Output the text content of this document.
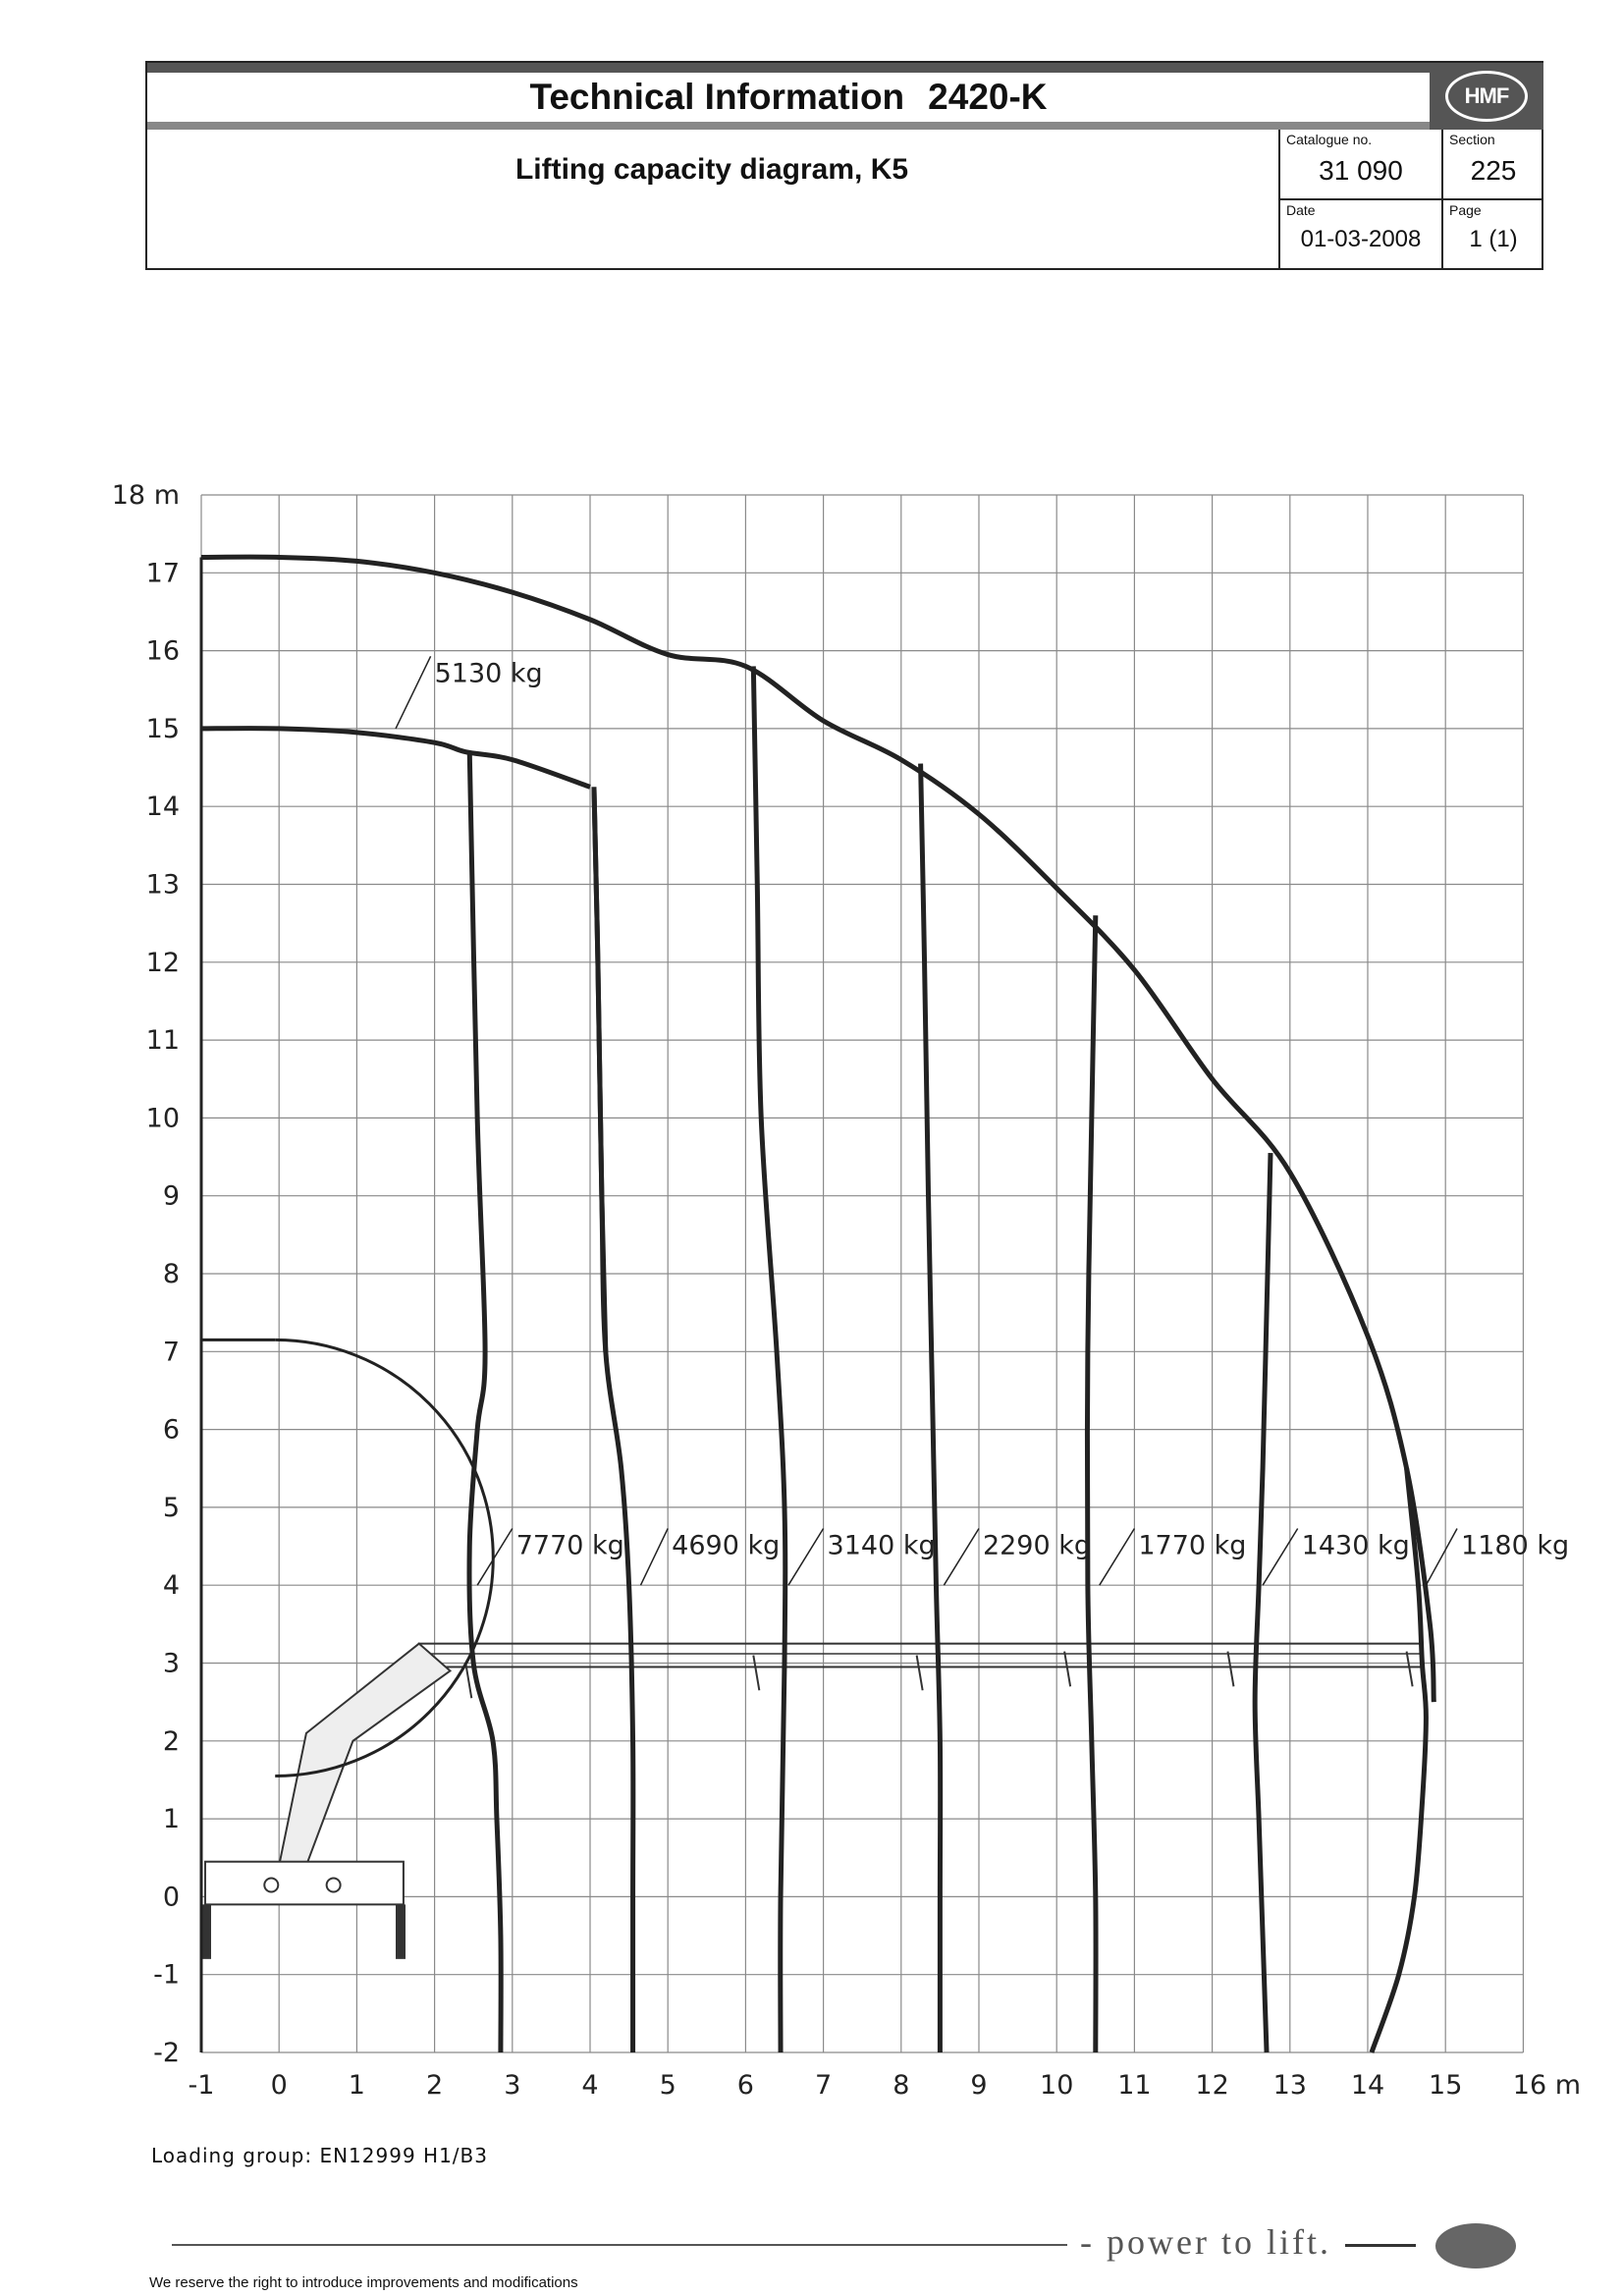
Technical Information 2420-K	HMF
Lifting capacity diagram, K5
Catalogue no.
31 090
Section
225
Date
01-03-2008
Page
1 (1)
5130 kg
7770 kg 4690 kg 3140 kg 2290 kg 1770 kg 1430 kg 1180 kg
-1 0 1 2 3 4 5 6 7 8 9 10 11 12 13 14 15 16 m
-2
-1
0
1
2
3
4
5
6
7
8
9
10
11
12
13
14
15
16
17
18 m
Loading group: EN12999 H1/B3
- power to lift.
We reserve the right to introduce improvements and modifications
